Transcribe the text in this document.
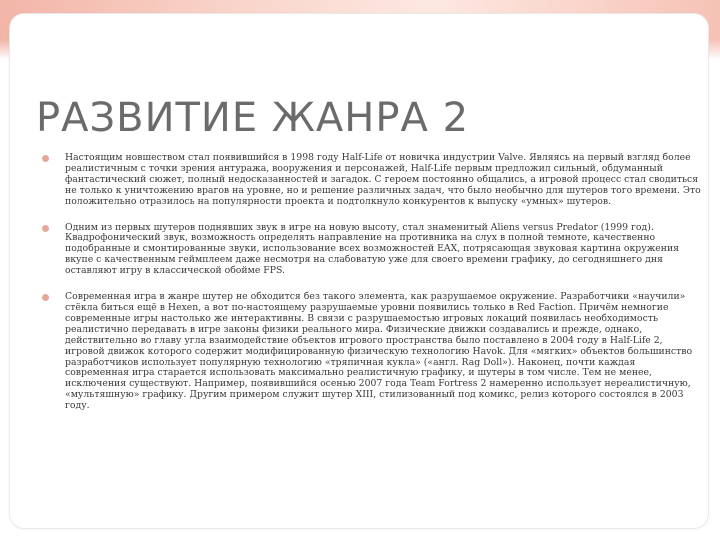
РАЗВИТИЕ ЖАНРА 2
Настоящим новшеством стал появившийся в 1998 году Half-Life от новичка индустрии Valve. Являясь на первый взгляд более реалистичным с точки зрения антуража, вооружения и персонажей, Half-Life первым предложил сильный, обдуманный фантастический сюжет, полный недосказанностей и загадок. С героем постоянно общались, а игровой процесс стал сводиться не только к уничтожению врагов на уровне, но и решение различных задач, что было необычно для шутеров того времени. Это положительно отразилось на популярности проекта и подтолкнуло конкурентов к выпуску «умных» шутеров.
Одним из первых шутеров поднявших звук в игре на новую высоту, стал знаменитый Aliens versus Predator (1999 год). Квадрофонический звук, возможность определять направление на противника на слух в полной темноте, качественно подобранные и смонтированные звуки, использование всех возможностей EAX, потрясающая звуковая картина окружения вкупе с качественным геймплеем даже несмотря на слабоватую уже для своего времени графику, до сегодняшнего дня оставляют игру в классической обойме FPS.
Современная игра в жанре шутер не обходится без такого элемента, как разрушаемое окружение. Разработчики «научили» стёкла биться ещё в Hexen, а вот по-настоящему разрушаемые уровни появились только в Red Faction. Причём немногие современные игры настолько же интерактивны. В связи с разрушаемостью игровых локаций появилась необходимость реалистично передавать в игре законы физики реального мира. Физические движки создавались и прежде, однако, действительно во главу угла взаимодействие объектов игрового пространства было поставлено в 2004 году в Half-Life 2, игровой движок которого содержит модифицированную физическую технологию Havok. Для «мягких» объектов большинство разработчиков использует популярную технологию «тряпичная кукла» («англ. Rag Doll»). Наконец, почти каждая современная игра старается использовать максимально реалистичную графику, и шутеры в том числе. Тем не менее, исключения существуют. Например, появившийся осенью 2007 года Team Fortress 2 намеренно использует нереалистичную, «мультяшную» графику. Другим примером служит шутер XIII, стилизованный под комикс, релиз которого состоялся в 2003 году.
